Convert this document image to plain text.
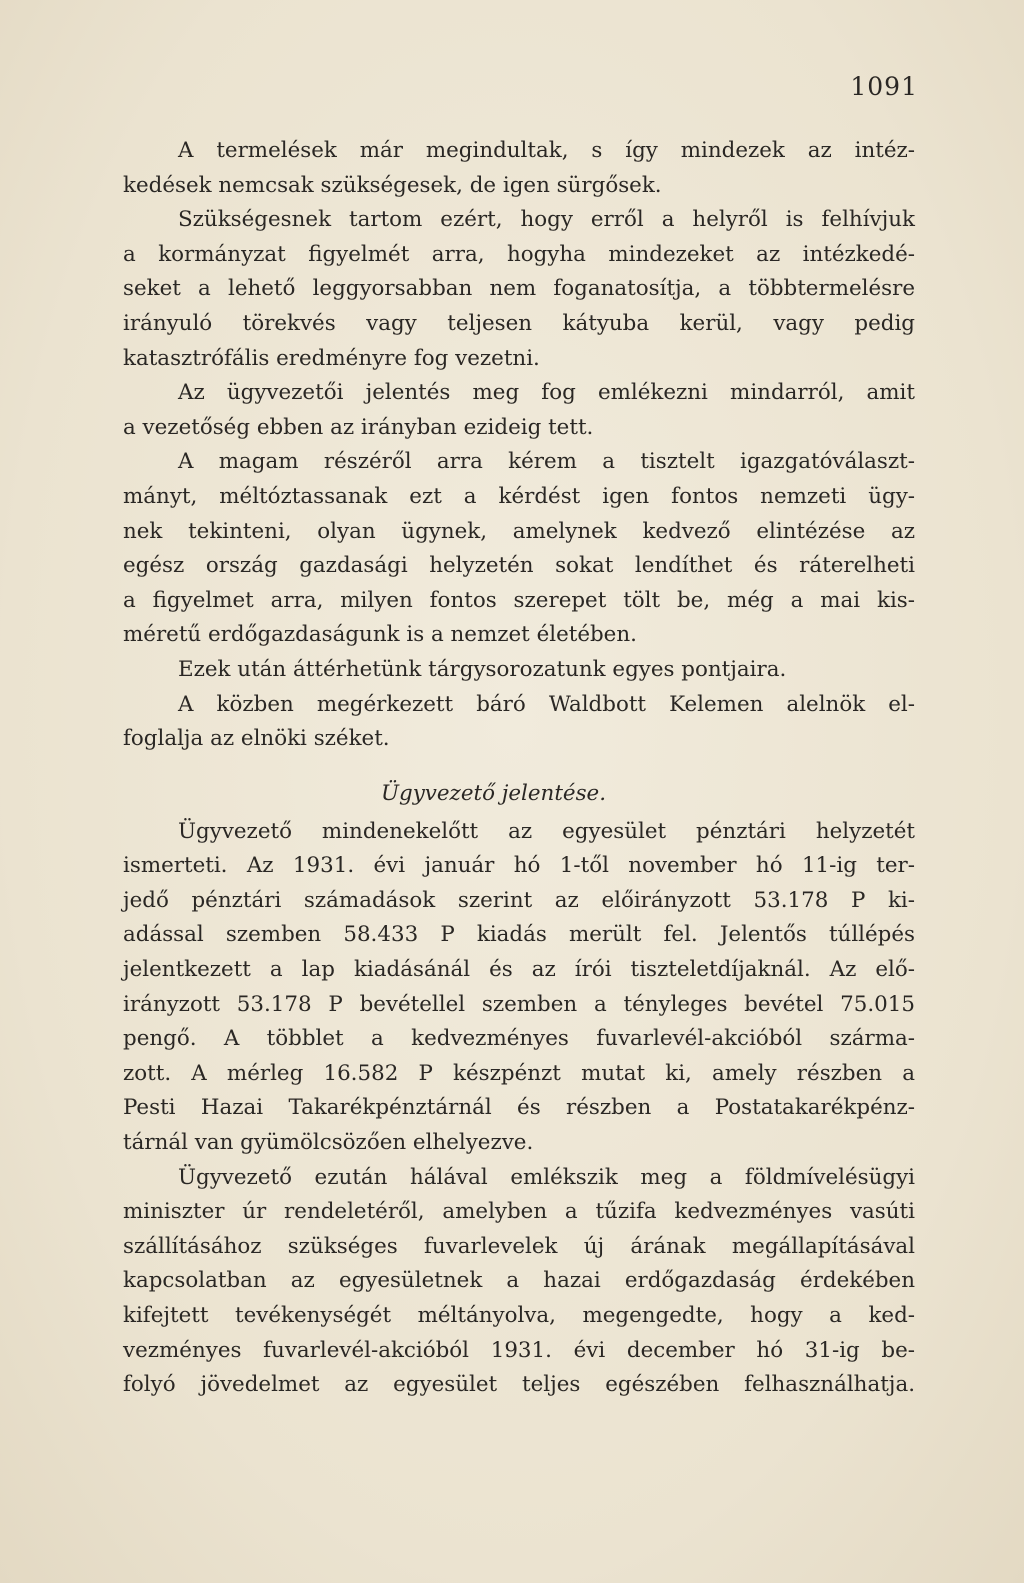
1091

A termelések már megindultak, s így mindezek az intéz-
kedések nemcsak szükségesek, de igen sürgősek.
Szükségesnek tartom ezért, hogy erről a helyről is felhívjuk
a kormányzat figyelmét arra, hogyha mindezeket az intézkedé-
seket a lehető leggyorsabban nem foganatosítja, a többtermelésre
irányuló törekvés vagy teljesen kátyuba kerül, vagy pedig
katasztrófális eredményre fog vezetni.
Az ügyvezetői jelentés meg fog emlékezni mindarról, amit
a vezetőség ebben az irányban ezideig tett.
A magam részéről arra kérem a tisztelt igazgatóválaszt-
mányt, méltóztassanak ezt a kérdést igen fontos nemzeti ügy-
nek tekinteni, olyan ügynek, amelynek kedvező elintézése az
egész ország gazdasági helyzetén sokat lendíthet és ráterelheti
a figyelmet arra, milyen fontos szerepet tölt be, még a mai kis-
méretű erdőgazdaságunk is a nemzet életében.
Ezek után áttérhetünk tárgysorozatunk egyes pontjaira.
A közben megérkezett báró Waldbott Kelemen alelnök el-
foglalja az elnöki széket.
Ügyvezető jelentése.
Ügyvezető mindenekelőtt az egyesület pénztári helyzetét
ismerteti. Az 1931. évi január hó 1-től november hó 11-ig ter-
jedő pénztári számadások szerint az előirányzott 53.178 P ki-
adással szemben 58.433 P kiadás merült fel. Jelentős túllépés
jelentkezett a lap kiadásánál és az írói tiszteletdíjaknál. Az elő-
irányzott 53.178 P bevétellel szemben a tényleges bevétel 75.015
pengő. A többlet a kedvezményes fuvarlevél-akcióból szárma-
zott. A mérleg 16.582 P készpénzt mutat ki, amely részben a
Pesti Hazai Takarékpénztárnál és részben a Postatakarékpénz-
tárnál van gyümölcsözően elhelyezve.
Ügyvezető ezután hálával emlékszik meg a földmívelésügyi
miniszter úr rendeletéről, amelyben a tűzifa kedvezményes vasúti
szállításához szükséges fuvarlevelek új árának megállapításával
kapcsolatban az egyesületnek a hazai erdőgazdaság érdekében
kifejtett tevékenységét méltányolva, megengedte, hogy a ked-
vezményes fuvarlevél-akcióból 1931. évi december hó 31-ig be-
folyó jövedelmet az egyesület teljes egészében felhasználhatja.
